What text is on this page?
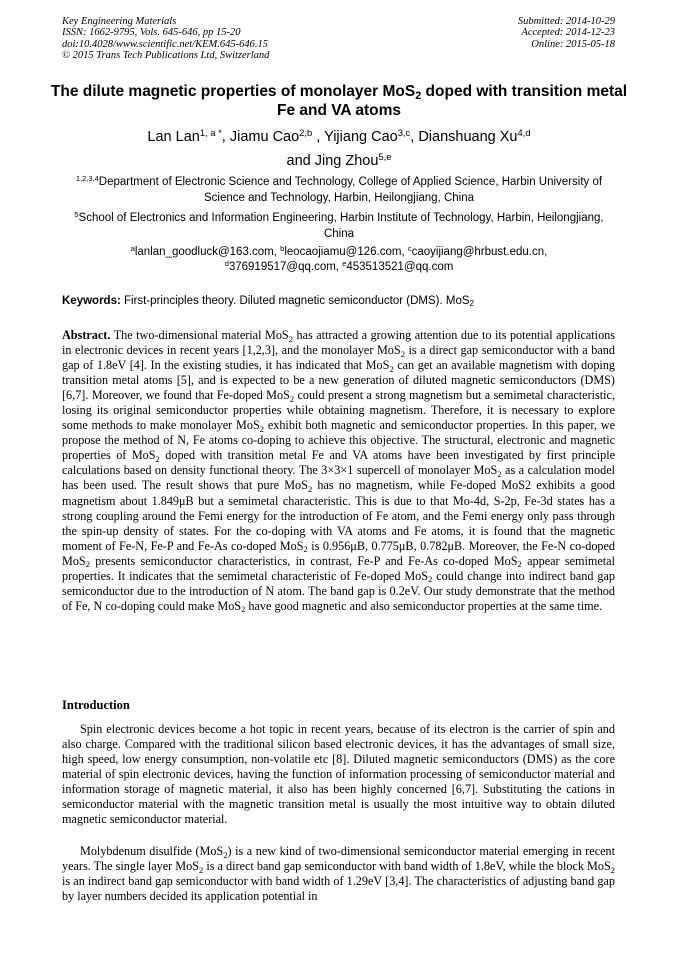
Key Engineering Materials
ISSN: 1662-9795, Vols. 645-646, pp 15-20
doi:10.4028/www.scientific.net/KEM.645-646.15
© 2015 Trans Tech Publications Ltd, Switzerland
Submitted: 2014-10-29
Accepted: 2014-12-23
Online: 2015-05-18
The dilute magnetic properties of monolayer MoS$_2$ doped with transition metal Fe and VA atoms
Lan Lan$^{1, a *}$, Jiamu Cao$^{2,b}$ , Yijiang Cao$^{3,c}$, Dianshuang Xu$^{4,d}$
and Jing Zhou$^{5,e}$
$^{1,2,3,4}$Department of Electronic Science and Technology, College of Applied Science, Harbin University of Science and Technology, Harbin, Heilongjiang, China
$^5$School of Electronics and Information Engineering, Harbin Institute of Technology, Harbin, Heilongjiang, China
$^a$lanlan_goodluck@163.com, $^b$leocaojiamu@126.com, $^c$caoyijiang@hrbust.edu.cn,
$^d$376919517@qq.com, $^e$453513521@qq.com
Keywords: First-principles theory. Diluted magnetic semiconductor (DMS). MoS$_2$
Abstract. The two-dimensional material MoS$_2$ has attracted a growing attention due to its potential applications in electronic devices in recent years [1,2,3], and the monolayer MoS$_2$ is a direct gap semiconductor with a band gap of 1.8eV [4]. In the existing studies, it has indicated that MoS$_2$ can get an available magnetism with doping transition metal atoms [5], and is expected to be a new generation of diluted magnetic semiconductors (DMS) [6,7]. Moreover, we found that Fe-doped MoS$_2$ could present a strong magnetism but a semimetal characteristic, losing its original semiconductor properties while obtaining magnetism. Therefore, it is necessary to explore some methods to make monolayer MoS$_2$ exhibit both magnetic and semiconductor properties. In this paper, we propose the method of N, Fe atoms co-doping to achieve this objective. The structural, electronic and magnetic properties of MoS$_2$ doped with transition metal Fe and VA atoms have been investigated by first principle calculations based on density functional theory. The 3×3×1 supercell of monolayer MoS$_2$ as a calculation model has been used. The result shows that pure MoS$_2$ has no magnetism, while Fe-doped MoS2 exhibits a good magnetism about 1.849μB but a semimetal characteristic. This is due to that Mo-4d, S-2p, Fe-3d states has a strong coupling around the Femi energy for the introduction of Fe atom, and the Femi energy only pass through the spin-up density of states. For the co-doping with VA atoms and Fe atoms, it is found that the magnetic moment of Fe-N, Fe-P and Fe-As co-doped MoS$_2$ is 0.956μB, 0.775μB, 0.782μB. Moreover, the Fe-N co-doped MoS$_2$ presents semiconductor characteristics, in contrast, Fe-P and Fe-As co-doped MoS$_2$ appear semimetal properties. It indicates that the semimetal characteristic of Fe-doped MoS$_2$ could change into indirect band gap semiconductor due to the introduction of N atom. The band gap is 0.2eV. Our study demonstrate that the method of Fe, N co-doping could make MoS$_2$ have good magnetic and also semiconductor properties at the same time.
Introduction

Spin electronic devices become a hot topic in recent years, because of its electron is the carrier of spin and also charge. Compared with the traditional silicon based electronic devices, it has the advantages of small size, high speed, low energy consumption, non-volatile etc [8]. Diluted magnetic semiconductors (DMS) as the core material of spin electronic devices, having the function of information processing of semiconductor material and information storage of magnetic material, it also has been highly concerned [6,7]. Substituting the cations in semiconductor material with the magnetic transition metal is usually the most intuitive way to obtain diluted magnetic semiconductor material.

Molybdenum disulfide (MoS$_2$) is a new kind of two-dimensional semiconductor material emerging in recent years. The single layer MoS$_2$ is a direct band gap semiconductor with band width of 1.8eV, while the block MoS$_2$ is an indirect band gap semiconductor with band width of 1.29eV [3,4]. The characteristics of adjusting band gap by layer numbers decided its application potential in
